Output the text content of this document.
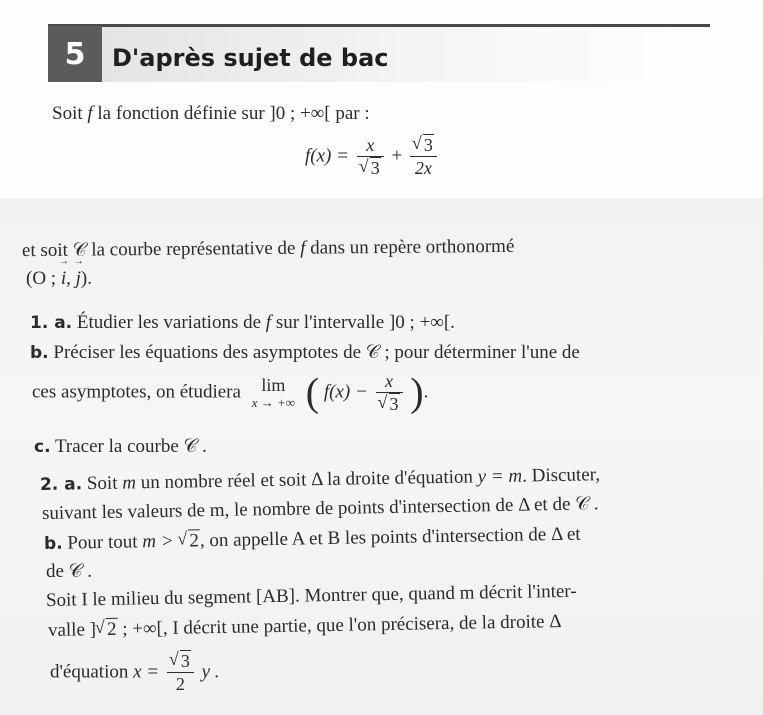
5	D'après sujet de bac
Soit f la fonction définie sur ]0 ; +∞[ par :
f(x) = x
√ 3 + √ $\frac{3}{2x}$
et soit 𝒞 la courbe représentative de f dans un repère orthonormé
(O ; → i, → j).
1. a. Étudier les variations de f sur l'intervalle ]0 ; +∞[.
b. Préciser les équations des asymptotes de 𝒞 ; pour déterminer l'une de
ces asymptotes, on étudiera	lim
x → +∞ ( f(x) − x
√ 3 ).
c. Tracer la courbe 𝒞 .
2. a. Soit m un nombre réel et soit Δ la droite d'équation y = m. Discuter,
suivant les valeurs de m, le nombre de points d'intersection de Δ et de 𝒞 .
b. Pour tout m > √ 2, on appelle A et B les points d'intersection de Δ et
de 𝒞 .
Soit I le milieu du segment [AB]. Montrer que, quand m décrit l'inter-
valle ] √ 2 ; +∞[, I décrit une partie, que l'on précisera, de la droite Δ
d'équation x = √ $\frac{3}{2}$ y .
